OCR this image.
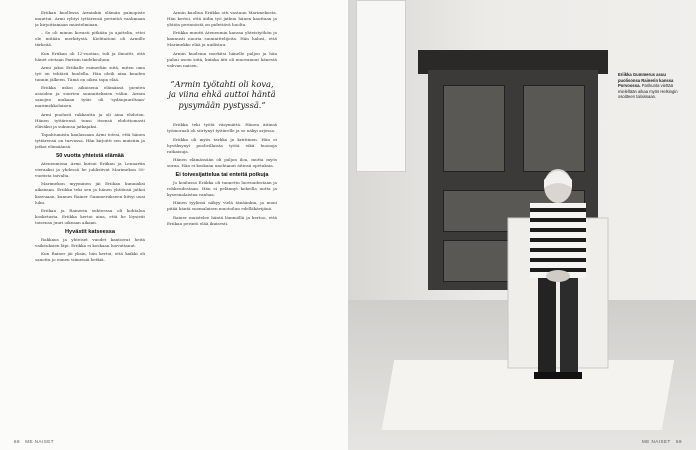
Eriikan kuollessa Arminkin elämän painopiste muuttui. Armi ryhtyi tyttärensä perintöä vaalimaan ja kirjoittamaan muistelmiaan.

– Se oli minun kovasti pitkään ja ajattelin, ettei ole mitään merkitystä. Kielitaitoni oli Armille tärkeää.

Kun Eriikan oli 12-vuotias, tuli ja ilmoitti, että hänet otetaan Pariisin taidekouluun.

Armi jakoi Eriikalle esimerkin siitä, miten oma työ on tehtävä huolella. Hän oleili aina kuuden tunnin jälkeen. Tämä on oikea tapa elää.

Eriikka uskoi aikuisena elämänsä pienten asioiden ja suurten suunnitelmien väliin. Armin sanojen mukaan tytär oli 'sydänjuuriltaan' marimekkolainen.

Armi puolusti rakkautta ja oli aina ehdoton. Hänen tyttärensä tunsi itsensä ehdottomasti eläväksi ja sukunsa jatkajaksi.

Tapahtumista kaulassaan Armi totesi, että hänen tyttärensä on turvassa. Hän kirjoitti sen muistiin ja jatkoi elämäänsä.

50 vuotta yhteistä elämää

Ateneumissa Armi kutsui Eriikan ja Lennartin vieraaksi ja yhdessä he juhlistivat Marimekon 50-vuotista taivalta.

Marimekon myyminen jäi Eriikan kunniaksi aikanaan. Eriikka teki sen ja hänen yhtiönsä jatkoi kasvuaan, kunnes Rainer Gummerukseen liittyi uusi luku.

Eriikan ja Rainerin suhteessa oli kohtalon kosketusta. Eriikka kertoi aina, että he löysivät toisensa juuri oikeaan aikaan.

Hyvästit katseessa

Rakkaus ja yhteiset vuodet kantoivat heitä vaikeuksien läpi. Eriikka ei koskaan luovuttanut.

Kun Rainer jäi yksin, hän kertoi, että kaikki oli sanottu jo ennen viimeisiä hetkiä.

Armin kuoltua Eriikka otti vastuun Marimekosta. Hän kertoi, että äidin työ jatkuu hänen kauttaan ja yhtiön perinnöstä on pidettävä huolta.

Eriikka muutti Ateneumin kanssa yhteistyöhön ja kannusti nuoria suunnittelijoita. Hän halusi, että Marimekko elää ja uudistuu.

Armin kuolema merkitsi hänelle paljon ja hän puhui usein siitä, kuinka äiti oli muovannut hänestä vahvan naisen.

”Armin työtahti oli kova, ja viina ehkä auttoi häntä pysymään pystyssä.”

Eriikka teki työtä väsymättä. Hänen äitinsä työmoraali oli siirtynyt tyttärelle ja se näkyi arjessa.

Eriikka oli myös tarkka ja kriittinen. Hän ei hyväksynyt puolivillaista työtä eikä huonoja ratkaisuja.

Hänen elämässään oli paljon iloa, mutta myös surua. Hän ei koskaan unohtanut äitinsä opetuksia.

Ei toivesijattelua tai enteitä poikuja

Jo koulussa Eriikka oli tunnettu luovuudestaan ja rohkeudestaan. Hän ei pelännyt kokeilla uutta ja kyseenalaistaa vanhaa.

Hänen tyylinsä näkyy vielä tänäänkin, ja moni pitää häntä suomalaisen muotoilun edelläkävijänä.

Rainer muistelee häntä lämmöllä ja kertoo, että Eriikan perintö elää ikuisesti.

68 ME NAISET
Eriikka Gummerus asuu puolisonsa Rainerin kanssa Porvoossa. Parikunta viettää mielellään aikaa myös Helsingin osoitteen taloissaan.
ME NAISET 69
